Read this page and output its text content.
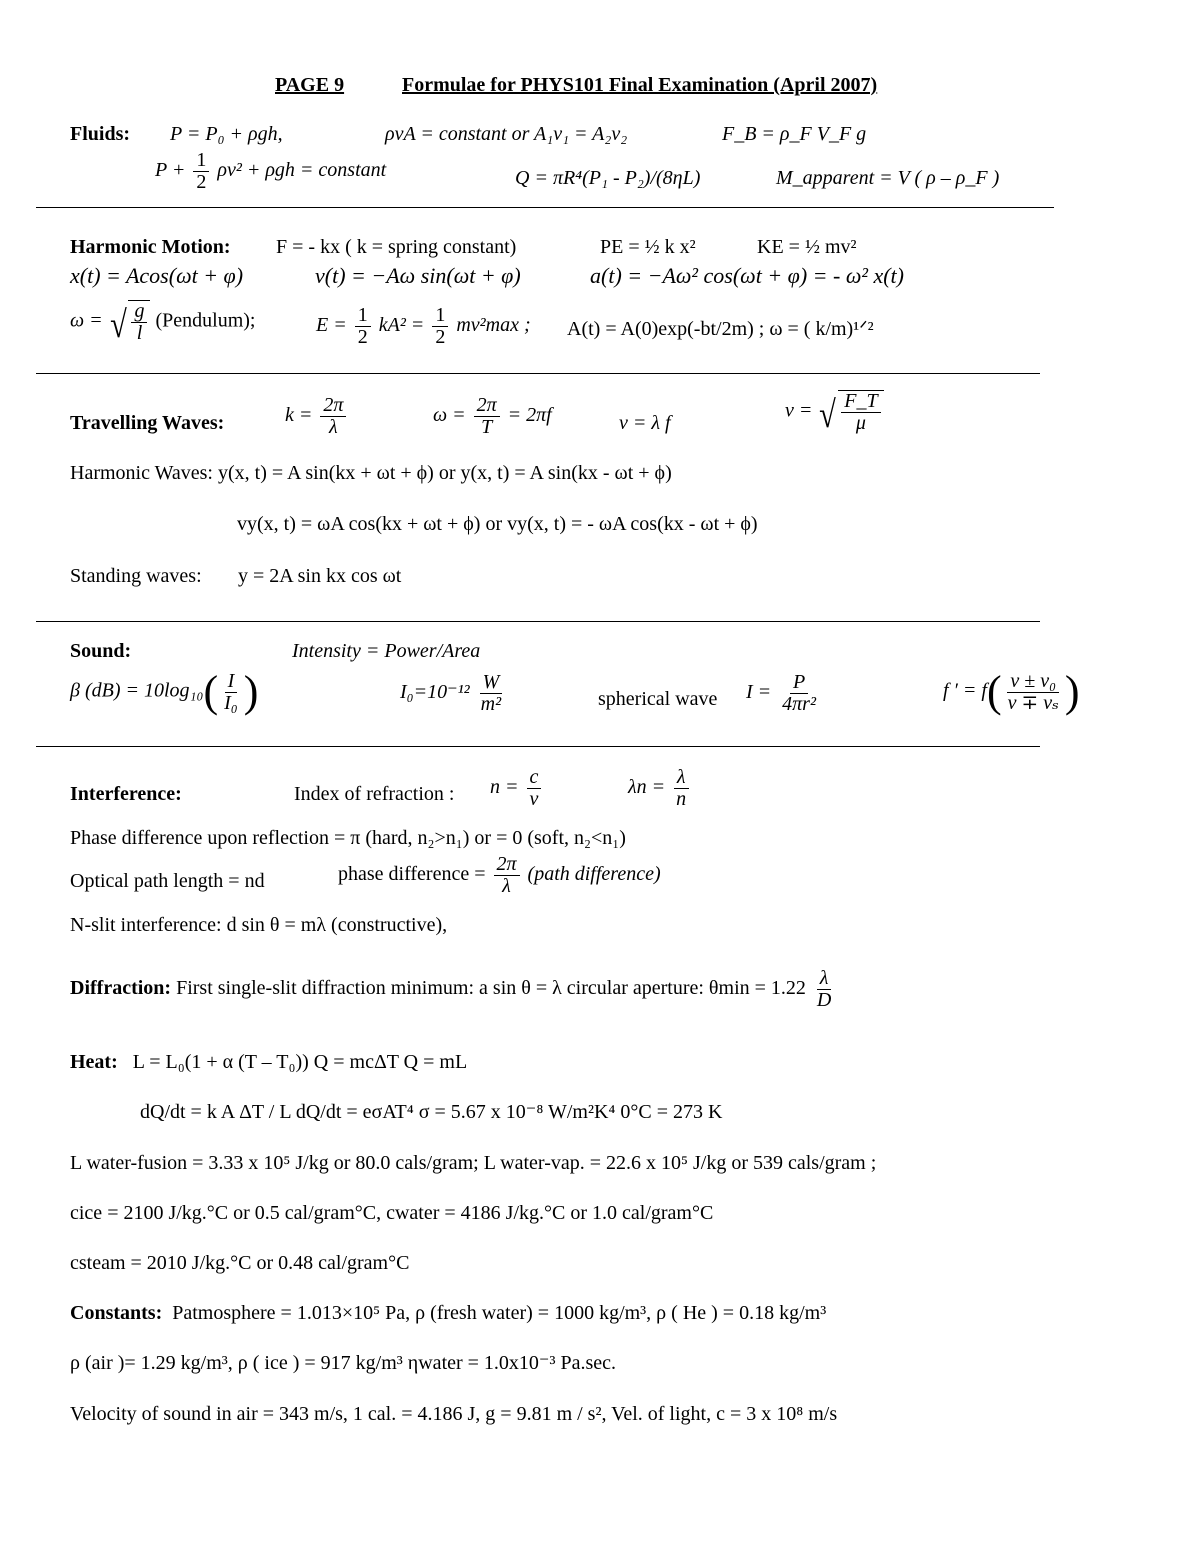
PAGE 9	Formulae for PHYS101 Final Examination (April 2007)
Fluids: P = P₀ + ρgh,	ρvA = constant or A₁v₁ = A₂v₂	F_B = ρ_F V_F g
$P + \frac{1}{2} \rho v^2 + \rho gh$ = constant	Q = πR⁴(P₁ - P₂)/(8ηL)	M_apparent = V ( ρ – ρ_F )
Harmonic Motion: F = - kx ( k = spring constant)	PE = ½ k x²	KE = ½ mv²
x(t) = Acos(ωt + φ)	v(t) = −Aω sin(ωt + φ)	a(t) = −Aω² cos(ωt + φ) = - ω² x(t)
ω = √ $\frac{g}{l}$ (Pendulum);	$E = \frac{1}{2} kA^2 = \frac{1}{2} mv^2\max$ ; A(t) = A(0)exp(-bt/2m) ; ω = ( k/m)¹ᐟ²
Travelling Waves:	$k = \frac{2\pi}{\lambda}$	$\omega = \frac{2\pi}{T} = 2\pi f$	v = λ f
v = √ $\frac{F\_T}{\mu}$
Harmonic Waves: y(x, t) = A sin(kx + ωt + ϕ) or y(x, t) = A sin(kx - ωt + ϕ)
vy(x, t) = ωA cos(kx + ωt + ϕ) or vy(x, t) = - ωA cos(kx - ωt + ϕ)
Standing waves: y = 2A sin kx cos ωt
Sound:	Intensity = Power/Area
β $(dB) = 10\log_{10}( \frac{I}{\text{I₀}}$ )	$I_0=10^{-12} \frac{W}{\text{m²}}$	spherical wave $I = \frac{P}{\text{4πr²}}$	f ′ = $f( \frac{\text{v ± v₀}}{\text{v ∓ vₛ}}$ )
Interference:	Index of refraction : $n = \frac{c}{v}$	$\lambda n = \frac{\lambda}{n}$
Phase difference upon reflection = π (hard, n₂>n₁) or = 0 (soft, n₂<n₁)
Optical path length = nd	phase difference = $\frac{2\pi}{\lambda}$ (path difference)
N-slit interference: d sin θ = mλ (constructive),
Diffraction: First single-slit diffraction minimum: a sin θ = λ circular aperture: $\theta\min = 1.22 \frac{\lambda}{D}$
Heat: L = L₀(1 + α (T – T₀)) Q = mcΔT Q = mL
dQ/dt = k A ΔT / L dQ/dt = eσAT⁴ σ = 5.67 x 10⁻⁸ W/m²K⁴ 0°C = 273 K
L water-fusion = 3.33 x 10⁵ J/kg or 80.0 cals/gram; L water-vap. = 22.6 x 10⁵ J/kg or 539 cals/gram ;
cice = 2100 J/kg.°C or 0.5 cal/gram°C, cwater = 4186 J/kg.°C or 1.0 cal/gram°C
csteam = 2010 J/kg.°C or 0.48 cal/gram°C
Constants: Patmosphere = 1.013×10⁵ Pa, ρ (fresh water) = 1000 kg/m³, ρ ( He ) = 0.18 kg/m³
ρ (air )= 1.29 kg/m³, ρ ( ice ) = 917 kg/m³ ηwater = 1.0x10⁻³ Pa.sec.
Velocity of sound in air = 343 m/s, 1 cal. = 4.186 J, g = 9.81 m / s², Vel. of light, c = 3 x 10⁸ m/s
